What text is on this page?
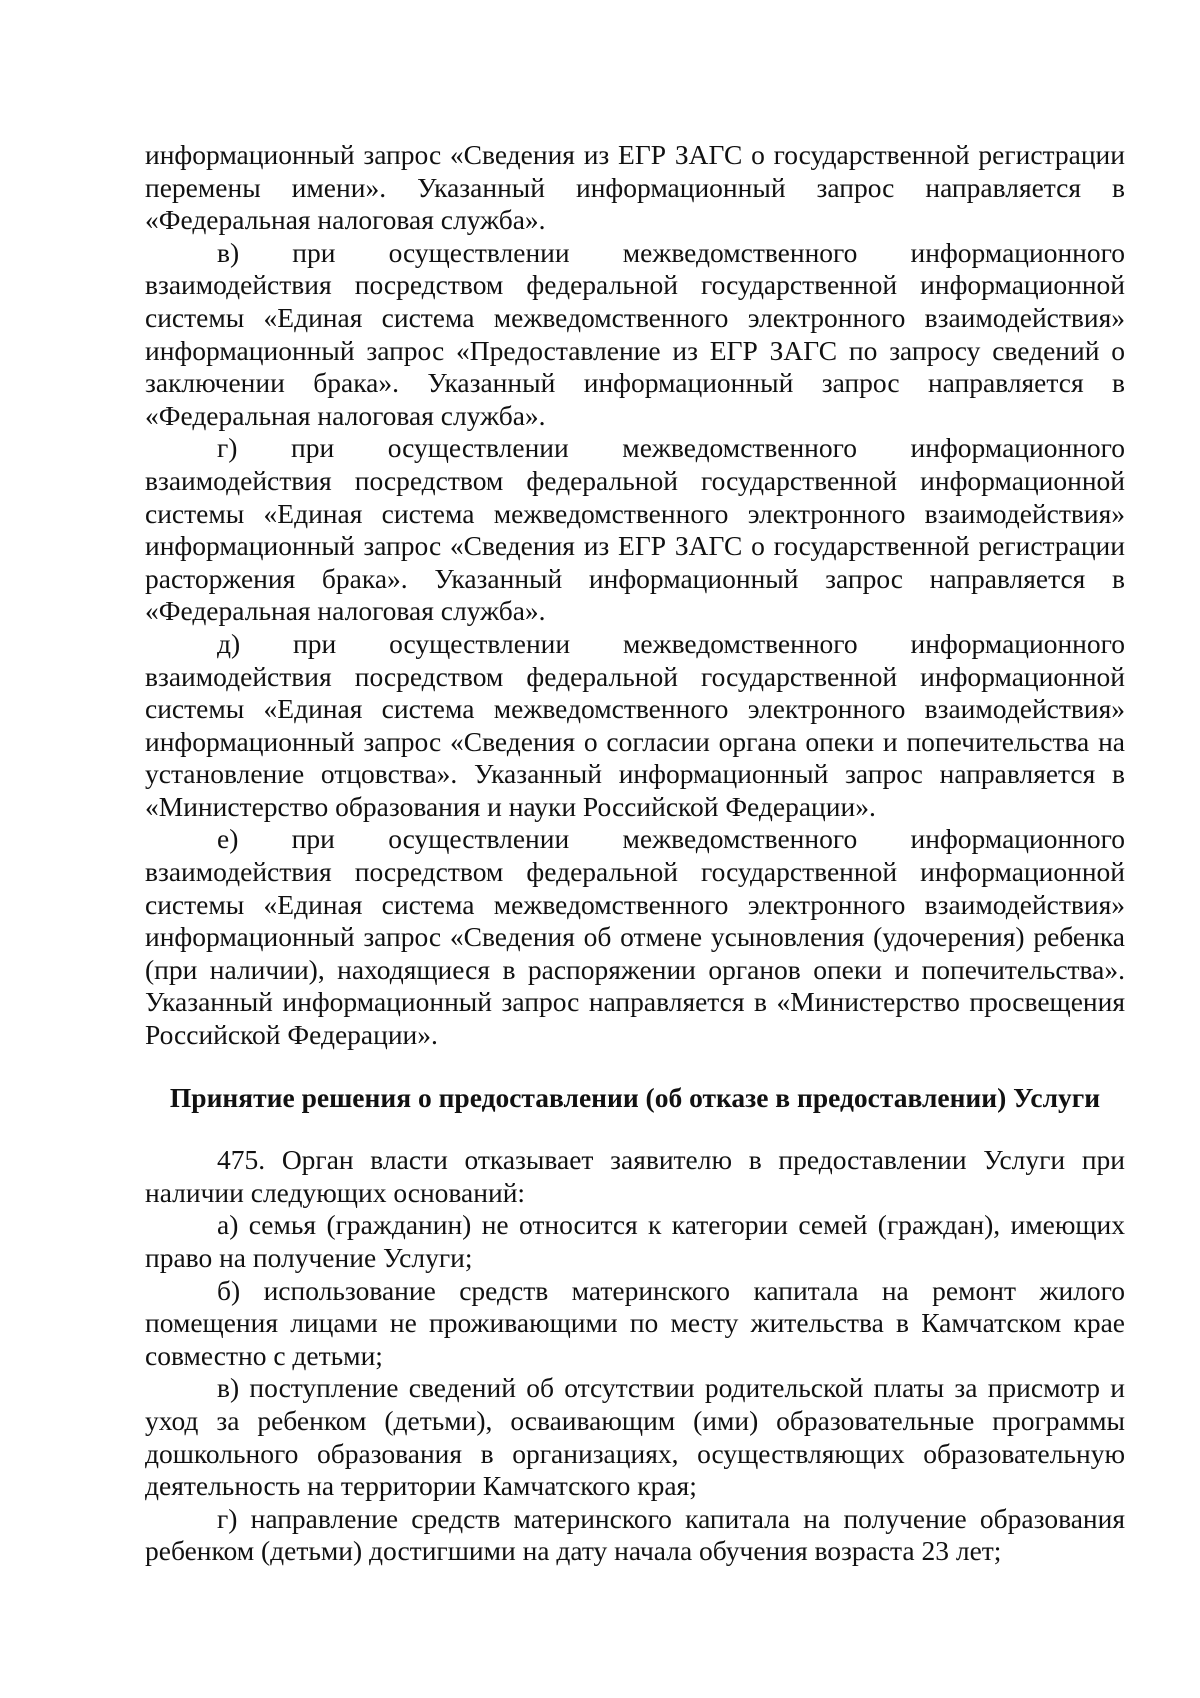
информационный запрос «Сведения из ЕГР ЗАГС о государственной регистрации перемены имени». Указанный информационный запрос направляется в «Федеральная налоговая служба».

в) при осуществлении межведомственного информационного взаимодействия посредством федеральной государственной информационной системы «Единая система межведомственного электронного взаимодействия» информационный запрос «Предоставление из ЕГР ЗАГС по запросу сведений о заключении брака». Указанный информационный запрос направляется в «Федеральная налоговая служба».

г) при осуществлении межведомственного информационного взаимодействия посредством федеральной государственной информационной системы «Единая система межведомственного электронного взаимодействия» информационный запрос «Сведения из ЕГР ЗАГС о государственной регистрации расторжения брака». Указанный информационный запрос направляется в «Федеральная налоговая служба».

д) при осуществлении межведомственного информационного взаимодействия посредством федеральной государственной информационной системы «Единая система межведомственного электронного взаимодействия» информационный запрос «Сведения о согласии органа опеки и попечительства на установление отцовства». Указанный информационный запрос направляется в «Министерство образования и науки Российской Федерации».

е) при осуществлении межведомственного информационного взаимодействия посредством федеральной государственной информационной системы «Единая система межведомственного электронного взаимодействия» информационный запрос «Сведения об отмене усыновления (удочерения) ребенка (при наличии), находящиеся в распоряжении органов опеки и попечительства». Указанный информационный запрос направляется в «Министерство просвещения Российской Федерации».

Принятие решения о предоставлении (об отказе в предоставлении) Услуги

475. Орган власти отказывает заявителю в предоставлении Услуги при наличии следующих оснований:

а) семья (гражданин) не относится к категории семей (граждан), имеющих право на получение Услуги;

б) использование средств материнского капитала на ремонт жилого помещения лицами не проживающими по месту жительства в Камчатском крае совместно с детьми;

в) поступление сведений об отсутствии родительской платы за присмотр и уход за ребенком (детьми), осваивающим (ими) образовательные программы дошкольного образования в организациях, осуществляющих образовательную деятельность на территории Камчатского края;

г) направление средств материнского капитала на получение образования ребенком (детьми) достигшими на дату начала обучения возраста 23 лет;
